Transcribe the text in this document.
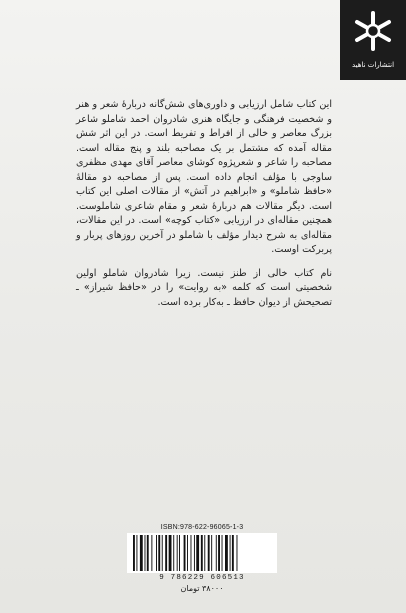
انتشارات ناهید

این کتاب شامل ارزیابی و داوری‌های شش‌گانه دربارهٔ شعر و هنر و شخصیت فرهنگی و جایگاه هنری شادروان احمد شاملو شاعر بزرگ معاصر و خالی از افراط و تفریط است. در این اثر شش مقاله آمده که مشتمل بر یک مصاحبه بلند و پنج مقاله است. مصاحبه را شاعر و شعرپژوه کوشای معاصر آقای مهدی مظفری ساوجی با مؤلف انجام داده است. پس از مصاحبه دو مقالهٔ «حافظ شاملو» و «ابراهیم در آتش» از مقالات اصلی این کتاب است. دیگر مقالات هم دربارهٔ شعر و مقام شاعری شاملوست. همچنین مقاله‌ای در ارزیابی «کتاب کوچه» است. در این مقالات، مقاله‌ای به شرح دیدار مؤلف با شاملو در آخرین روزهای پربار و پربرکت اوست.

نام کتاب خالی از طنز نیست. زیرا شادروان شاملو اولین شخصیتی است که کلمه «به روایت» را در «حافظ شیراز» ـ تصحیحش از دیوان حافظ ـ به‌کار برده است.

ISBN:978-622-96065-1-3
9 786229 606513
۳۸۰۰۰ تومان
